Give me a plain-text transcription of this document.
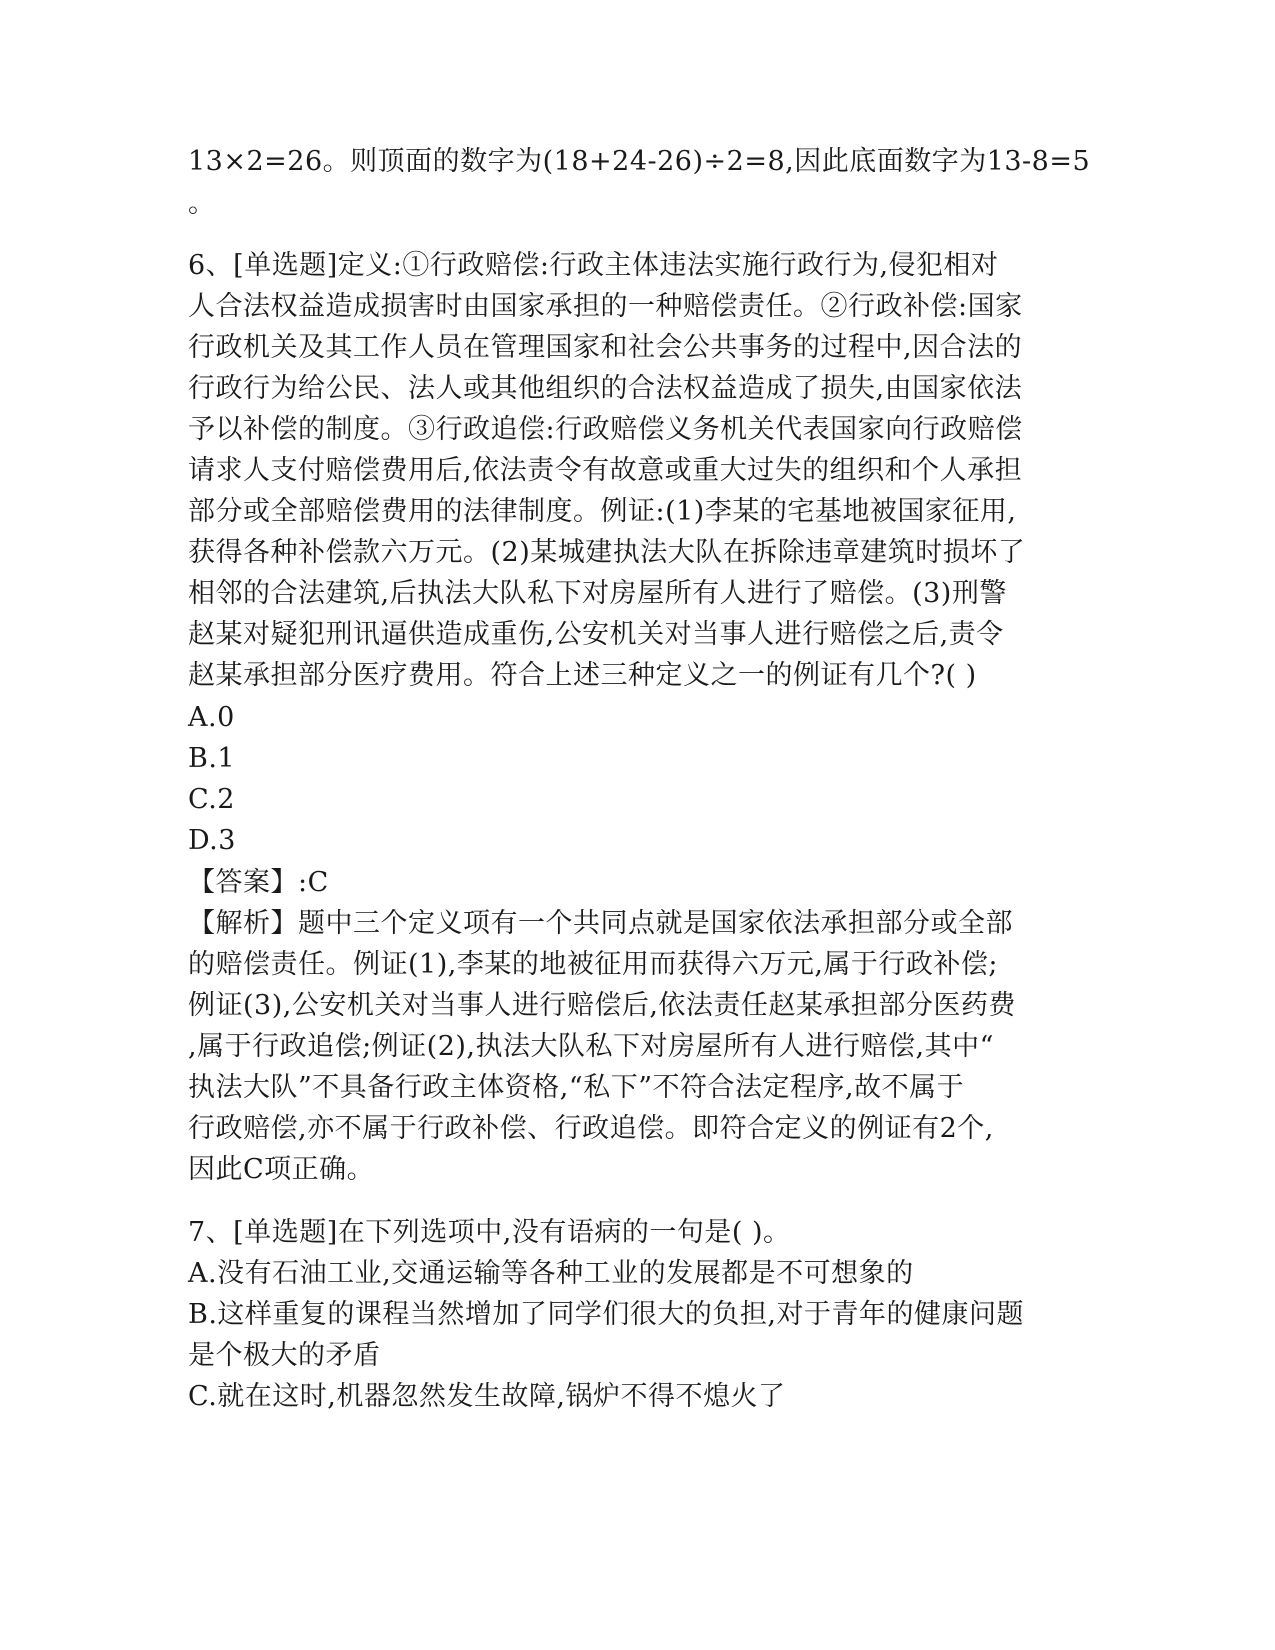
13×2=26。则顶面的数字为(18+24-26)÷2=8,因此底面数字为13-8=5
。
6、[单选题]定义:①行政赔偿:行政主体违法实施行政行为,侵犯相对
人合法权益造成损害时由国家承担的一种赔偿责任。②行政补偿:国家
行政机关及其工作人员在管理国家和社会公共事务的过程中,因合法的
行政行为给公民、法人或其他组织的合法权益造成了损失,由国家依法
予以补偿的制度。③行政追偿:行政赔偿义务机关代表国家向行政赔偿
请求人支付赔偿费用后,依法责令有故意或重大过失的组织和个人承担
部分或全部赔偿费用的法律制度。例证:(1)李某的宅基地被国家征用,
获得各种补偿款六万元。(2)某城建执法大队在拆除违章建筑时损坏了
相邻的合法建筑,后执法大队私下对房屋所有人进行了赔偿。(3)刑警
赵某对疑犯刑讯逼供造成重伤,公安机关对当事人进行赔偿之后,责令
赵某承担部分医疗费用。符合上述三种定义之一的例证有几个?( )
A.0
B.1
C.2
D.3
【答案】:C
【解析】题中三个定义项有一个共同点就是国家依法承担部分或全部
的赔偿责任。例证(1),李某的地被征用而获得六万元,属于行政补偿;
例证(3),公安机关对当事人进行赔偿后,依法责任赵某承担部分医药费
,属于行政追偿;例证(2),执法大队私下对房屋所有人进行赔偿,其中“
执法大队”不具备行政主体资格,“私下”不符合法定程序,故不属于
行政赔偿,亦不属于行政补偿、行政追偿。即符合定义的例证有2个,
因此C项正确。
7、[单选题]在下列选项中,没有语病的一句是( )。
A.没有石油工业,交通运输等各种工业的发展都是不可想象的
B.这样重复的课程当然增加了同学们很大的负担,对于青年的健康问题
是个极大的矛盾
C.就在这时,机器忽然发生故障,锅炉不得不熄火了
